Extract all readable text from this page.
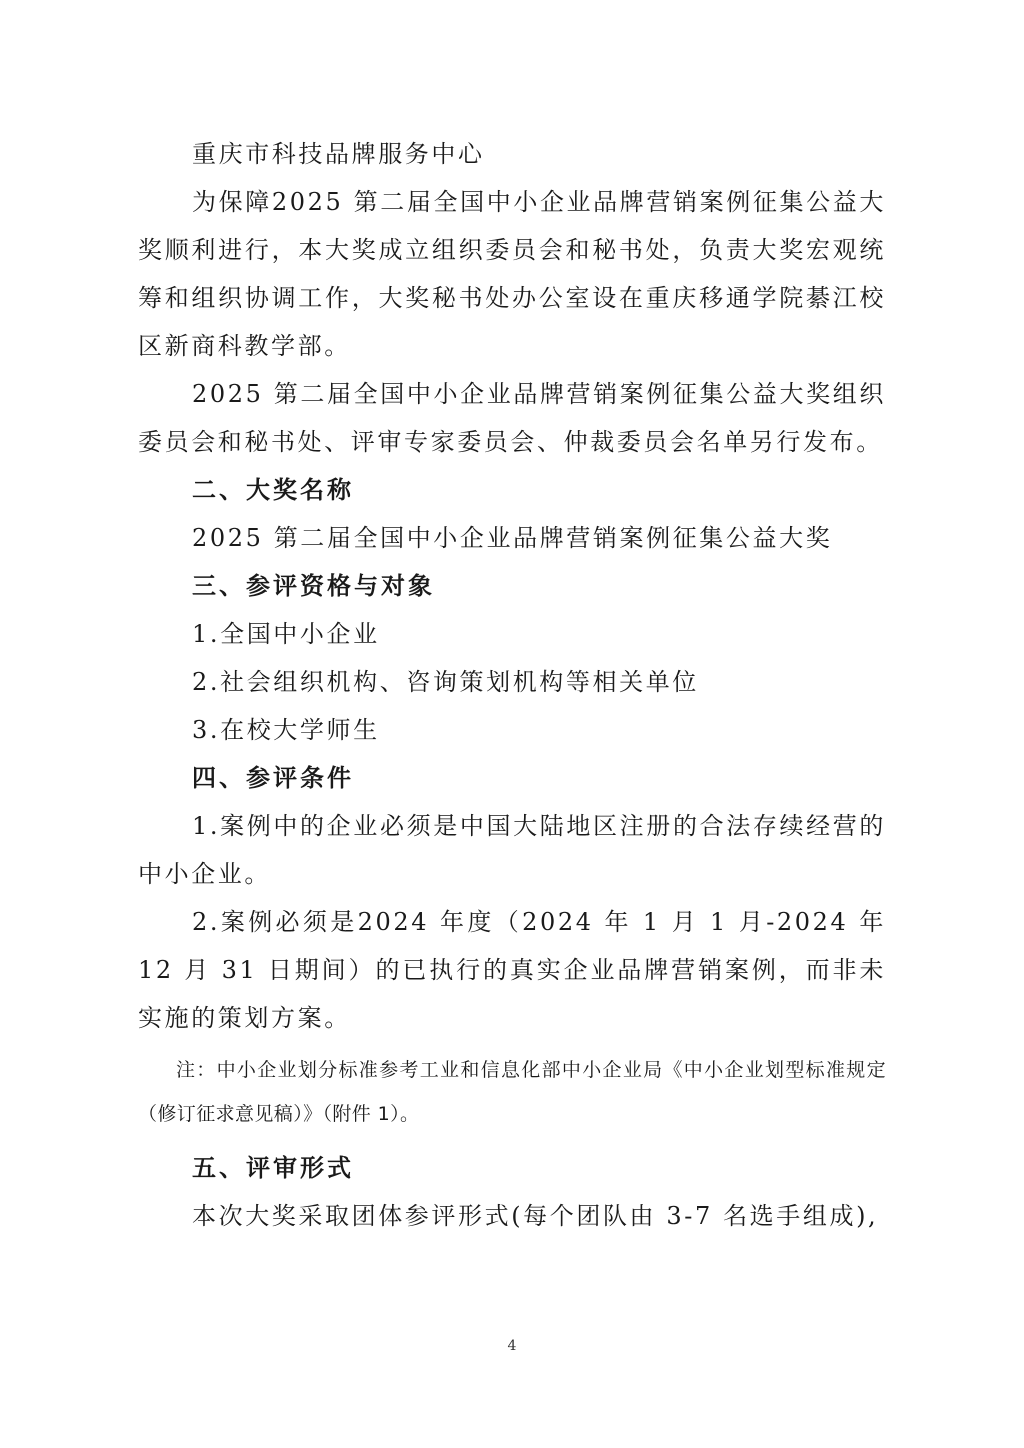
重庆市科技品牌服务中心

为保障2025 第二届全国中小企业品牌营销案例征集公益大奖顺利进行，本大奖成立组织委员会和秘书处，负责大奖宏观统筹和组织协调工作，大奖秘书处办公室设在重庆移通学院綦江校区新商科教学部。

2025 第二届全国中小企业品牌营销案例征集公益大奖组织委员会和秘书处、评审专家委员会、仲裁委员会名单另行发布。

二、大奖名称

2025 第二届全国中小企业品牌营销案例征集公益大奖

三、参评资格与对象

1.全国中小企业

2.社会组织机构、咨询策划机构等相关单位

3.在校大学师生

四、参评条件

1.案例中的企业必须是中国大陆地区注册的合法存续经营的中小企业。

2.案例必须是2024 年度（2024 年 1 月 1 月-2024 年 12 月 31 日期间）的已执行的真实企业品牌营销案例，而非未实施的策划方案。

注：中小企业划分标准参考工业和信息化部中小企业局《中小企业划型标准规定（修订征求意见稿）》（附件 1）。

五、评审形式

本次大奖采取团体参评形式(每个团队由 3-7 名选手组成),

4
